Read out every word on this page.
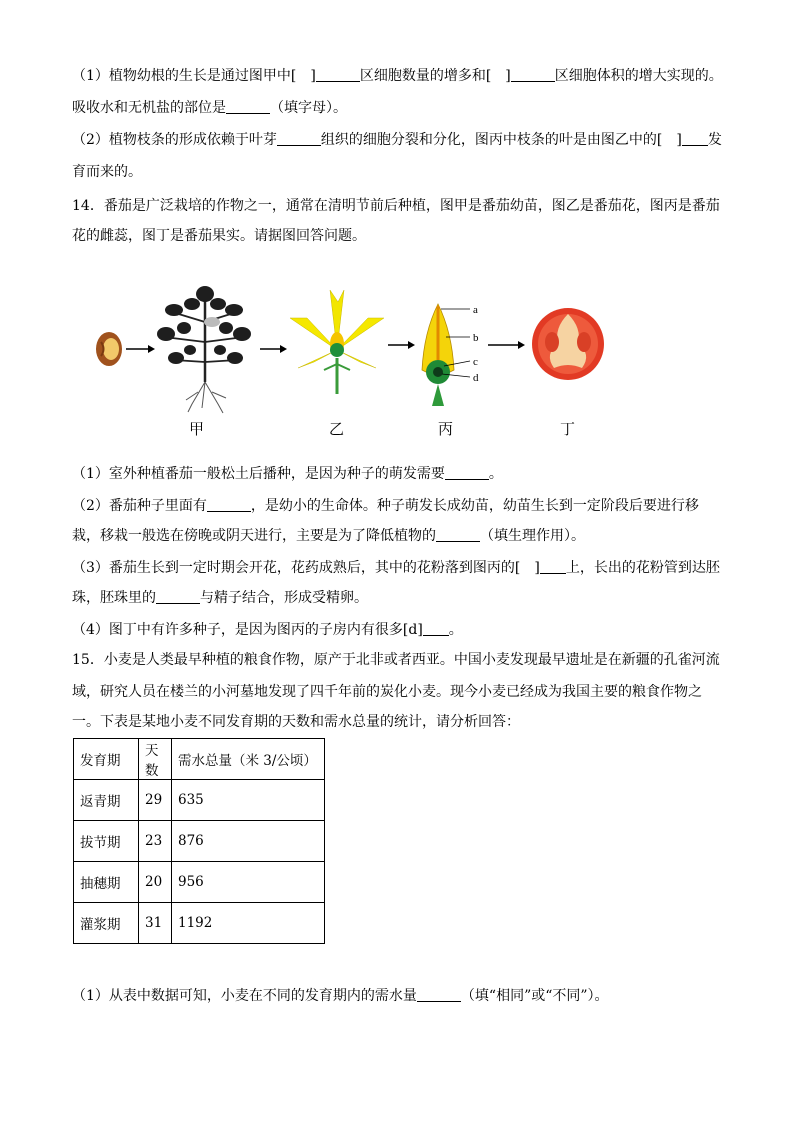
（1）植物幼根的生长是通过图甲中[　]	区细胞数量的增多和[　]	区细胞体积的增大实现的。
吸收水和无机盐的部位是	（填字母）。
（2）植物枝条的形成依赖于叶芽	组织的细胞分裂和分化，图丙中枝条的叶是由图乙中的[　] 发
育而来的。
14．番茄是广泛栽培的作物之一，通常在清明节前后种植，图甲是番茄幼苗，图乙是番茄花，图丙是番茄
花的雌蕊，图丁是番茄果实。请据图回答问题。
a
b
c
d
甲	乙	丙	丁
（1）室外种植番茄一般松土后播种，是因为种子的萌发需要	。
（2）番茄种子里面有	，是幼小的生命体。种子萌发长成幼苗，幼苗生长到一定阶段后要进行移
栽，移栽一般选在傍晚或阴天进行，主要是为了降低植物的	（填生理作用）。
（3）番茄生长到一定时期会开花，花药成熟后，其中的花粉落到图丙的[　] 上，长出的花粉管到达胚
珠，胚珠里的	与精子结合，形成受精卵。
（4）图丁中有许多种子，是因为图丙的子房内有很多[d] 。
15．小麦是人类最早种植的粮食作物，原产于北非或者西亚。中国小麦发现最早遗址是在新疆的孔雀河流
域，研究人员在楼兰的小河墓地发现了四千年前的炭化小麦。现今小麦已经成为我国主要的粮食作物之
一。下表是某地小麦不同发育期的天数和需水总量的统计，请分析回答：
发育期	天数	需水总量（米 3/公顷）
返青期	29	635
拔节期	23	876
抽穗期	20	956
灌浆期	31	1192
（1）从表中数据可知，小麦在不同的发育期内的需水量	（填“相同”或“不同”）。
